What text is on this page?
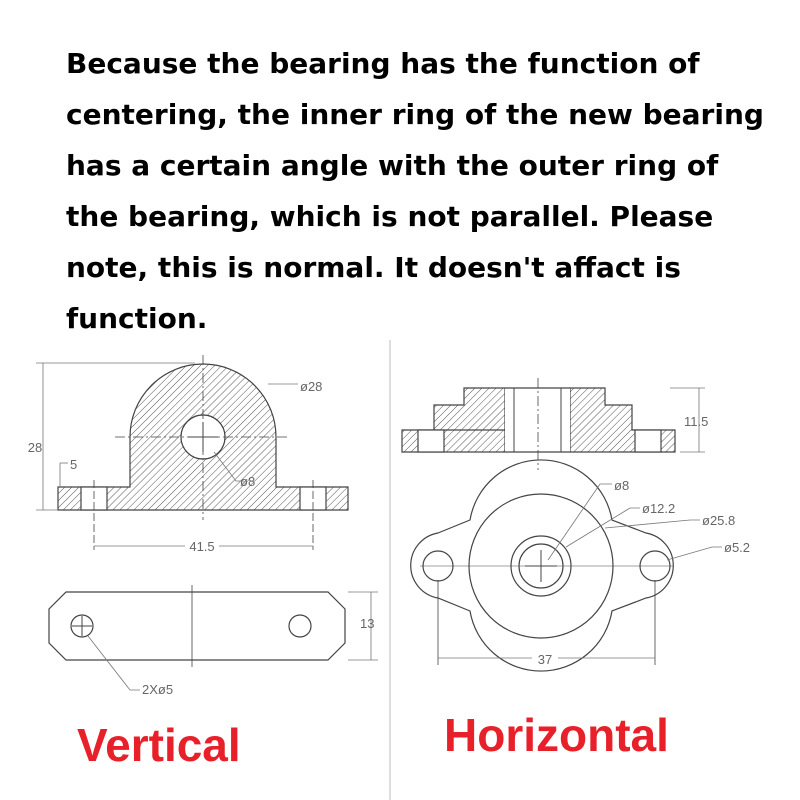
Because the bearing has the function of
centering, the inner ring of the new bearing
has a certain angle with the outer ring of
the bearing, which is not parallel. Please
note, this is normal. It doesn't affact is
function.
28
5
ø28
ø8
41.5
13
2Xø5
11.5
ø8
ø12.2
ø25.8
ø5.2
37
Vertical	Horizontal
